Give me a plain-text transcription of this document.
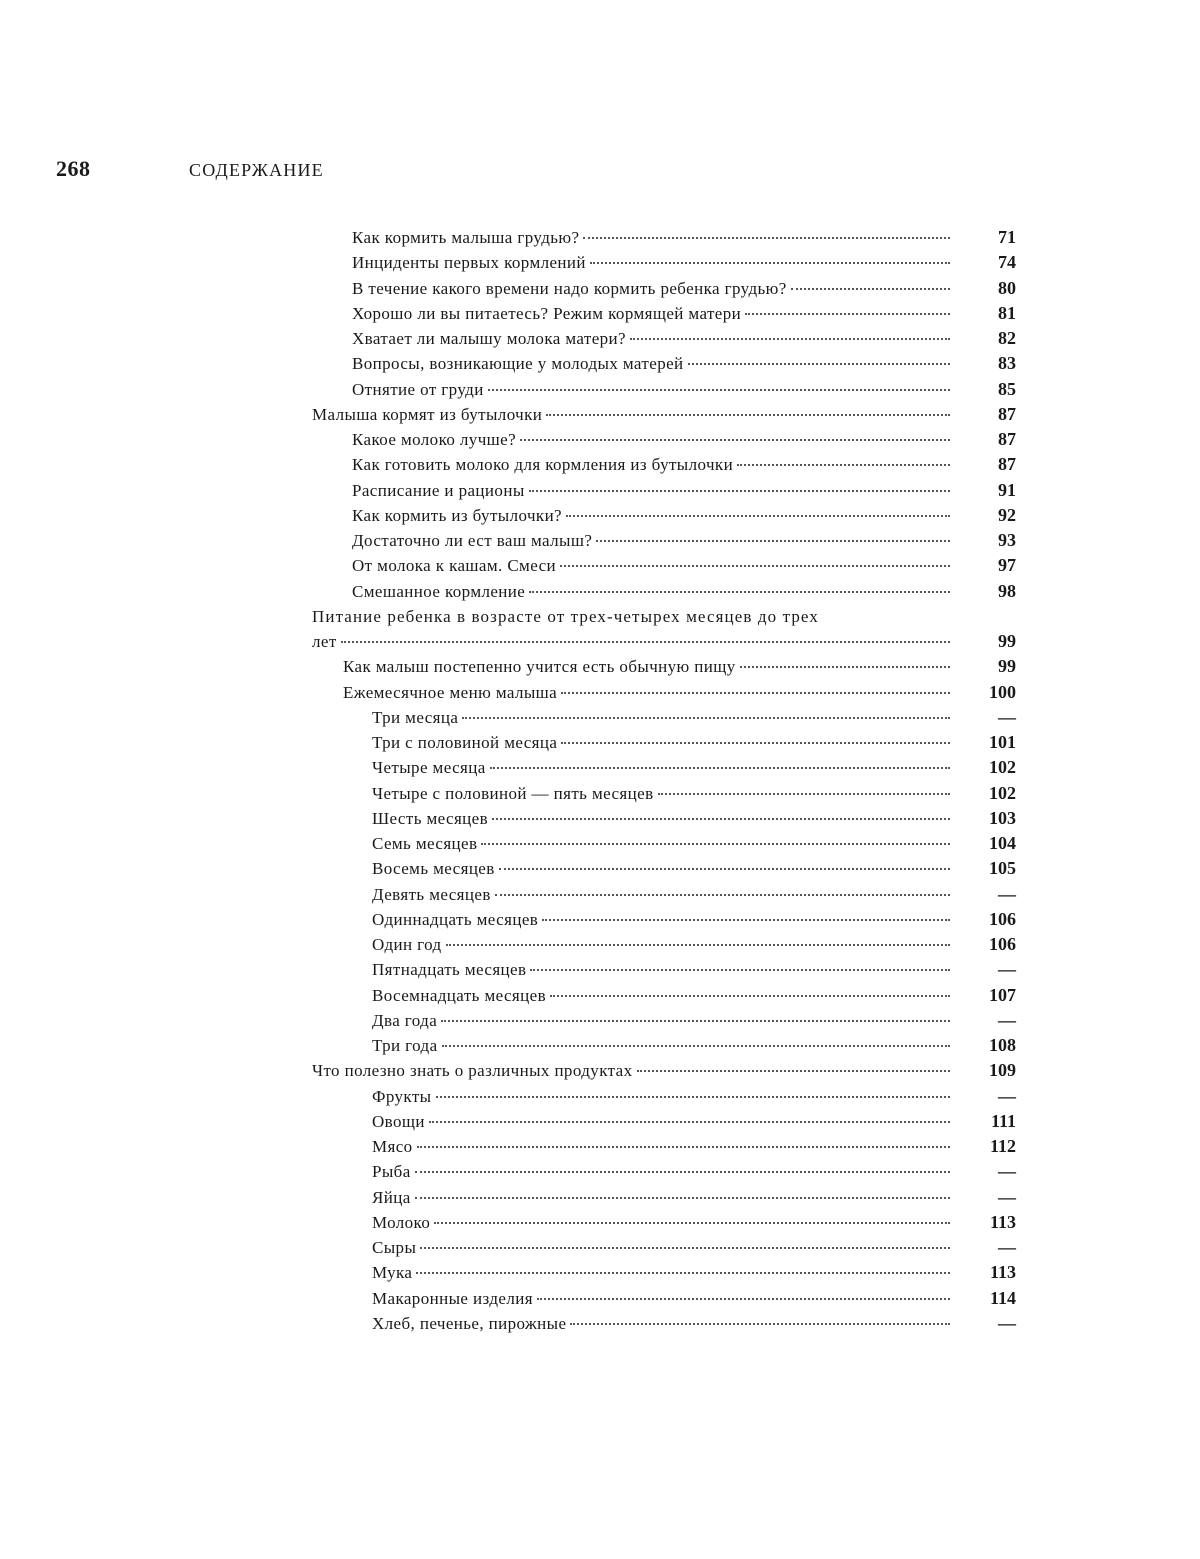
268	СОДЕРЖАНИЕ
Как кормить малыша грудью?	71
Инциденты первых кормлений	74
В течение какого времени надо кормить ребенка грудью?	80
Хорошо ли вы питаетесь? Режим кормящей матери	81
Хватает ли малышу молока матери?	82
Вопросы, возникающие у молодых матерей	83
Отнятие от груди	85
Малыша кормят из бутылочки	87
Какое молоко лучше?	87
Как готовить молоко для кормления из бутылочки	87
Расписание и рационы	91
Как кормить из бутылочки?	92
Достаточно ли ест ваш малыш?	93
От молока к кашам. Смеси	97
Смешанное кормление	98
Питание ребенка в возрасте от трех-четырех месяцев до трех
лет	99
Как малыш постепенно учится есть обычную пищу	99
Ежемесячное меню малыша	100
Три месяца	—
Три с половиной месяца	101
Четыре месяца	102
Четыре с половиной — пять месяцев	102
Шесть месяцев	103
Семь месяцев	104
Восемь месяцев	105
Девять месяцев	—
Одиннадцать месяцев	106
Один год	106
Пятнадцать месяцев	—
Восемнадцать месяцев	107
Два года	—
Три года	108
Что полезно знать о различных продуктах	109
Фрукты	—
Овощи	111
Мясо	112
Рыба	—
Яйца	—
Молоко	113
Сыры	—
Мука	113
Макаронные изделия	114
Хлеб, печенье, пирожные	—
